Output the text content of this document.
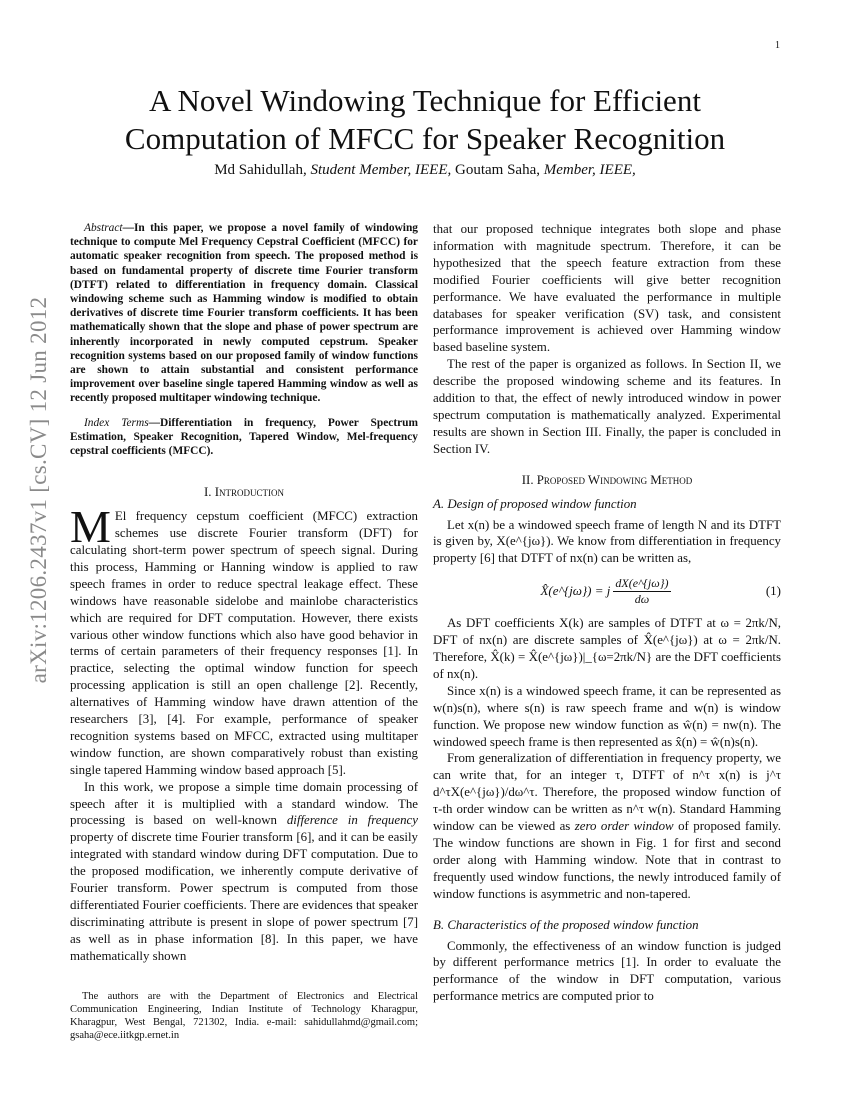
1
arXiv:1206.2437v1 [cs.CV] 12 Jun 2012
A Novel Windowing Technique for Efficient
Computation of MFCC for Speaker Recognition
Md Sahidullah, Student Member, IEEE, Goutam Saha, Member, IEEE,

Abstract—In this paper, we propose a novel family of windowing technique to compute Mel Frequency Cepstral Coefficient (MFCC) for automatic speaker recognition from speech. The proposed method is based on fundamental property of discrete time Fourier transform (DTFT) related to differentiation in frequency domain. Classical windowing scheme such as Hamming window is modified to obtain derivatives of discrete time Fourier transform coefficients. It has been mathematically shown that the slope and phase of power spectrum are inherently incorporated in newly computed cepstrum. Speaker recognition systems based on our proposed family of window functions are shown to attain substantial and consistent performance improvement over baseline single tapered Hamming window as well as recently proposed multitaper windowing technique.

Index Terms—Differentiation in frequency, Power Spectrum Estimation, Speaker Recognition, Tapered Window, Mel-frequency cepstral coefficients (MFCC).

I. Introduction

M El frequency cepstum coefficient (MFCC) extraction schemes use discrete Fourier transform (DFT) for calculating short-term power spectrum of speech signal. During this process, Hamming or Hanning window is applied to raw speech frames in order to reduce spectral leakage effect. These windows have reasonable sidelobe and mainlobe characteristics which are required for DFT computation. However, there exists various other window functions which also have good behavior in terms of certain parameters of their frequency responses [1]. In practice, selecting the optimal window function for speech processing application is still an open challenge [2]. Recently, alternatives of Hamming window have drawn attention of the researchers [3], [4]. For example, performance of speaker recognition systems based on MFCC, extracted using multitaper window function, are shown comparatively robust than existing single tapered Hamming window based approach [5].

In this work, we propose a simple time domain processing of speech after it is multiplied with a standard window. The processing is based on well-known difference in frequency property of discrete time Fourier transform [6], and it can be easily integrated with standard window during DFT computation. Due to the proposed modification, we inherently compute derivative of Fourier transform. Power spectrum is computed from those differentiated Fourier coefficients. There are evidences that speaker discriminating attribute is present in slope of power spectrum [7] as well as in phase information [8]. In this paper, we have mathematically shown

The authors are with the Department of Electronics and Electrical Communication Engineering, Indian Institute of Technology Kharagpur, Kharagpur, West Bengal, 721302, India. e-mail: sahidullahmd@gmail.com; gsaha@ece.iitkgp.ernet.in

that our proposed technique integrates both slope and phase information with magnitude spectrum. Therefore, it can be hypothesized that the speech feature extraction from these modified Fourier coefficients will give better recognition performance. We have evaluated the performance in multiple databases for speaker verification (SV) task, and consistent performance improvement is achieved over Hamming window based baseline system.

The rest of the paper is organized as follows. In Section II, we describe the proposed windowing scheme and its features. In addition to that, the effect of newly introduced window in power spectrum computation is mathematically analyzed. Experimental results are shown in Section III. Finally, the paper is concluded in Section IV.

II. Proposed Windowing Method
A. Design of proposed window function

Let x(n) be a windowed speech frame of length N and its DTFT is given by, X(e^{jω}). We know from differentiation in frequency property [6] that DTFT of nx(n) can be written as,

X̂(e^{jω}) = j $\frac{dX(e\^{}\{j\omega\})}{d\omega}$	(1)

As DFT coefficients X(k) are samples of DTFT at ω = 2πk/N, DFT of nx(n) are discrete samples of X̂(e^{jω}) at ω = 2πk/N. Therefore, X̂(k) = X̂(e^{jω})|_{ω=2πk/N} are the DFT coefficients of nx(n).

Since x(n) is a windowed speech frame, it can be represented as w(n)s(n), where s(n) is raw speech frame and w(n) is window function. We propose new window function as ŵ(n) = nw(n). The windowed speech frame is then represented as x̂(n) = ŵ(n)s(n).

From generalization of differentiation in frequency property, we can write that, for an integer τ, DTFT of n^τ x(n) is j^τ d^τX(e^{jω})/dω^τ. Therefore, the proposed window function of τ-th order window can be written as n^τ w(n). Standard Hamming window can be viewed as zero order window of proposed family. The window functions are shown in Fig. 1 for first and second order along with Hamming window. Note that in contrast to frequently used window functions, the newly introduced family of window functions is asymmetric and non-tapered.

B. Characteristics of the proposed window function

Commonly, the effectiveness of an window function is judged by different performance metrics [1]. In order to evaluate the performance of the window in DFT computation, various performance metrics are computed prior to
